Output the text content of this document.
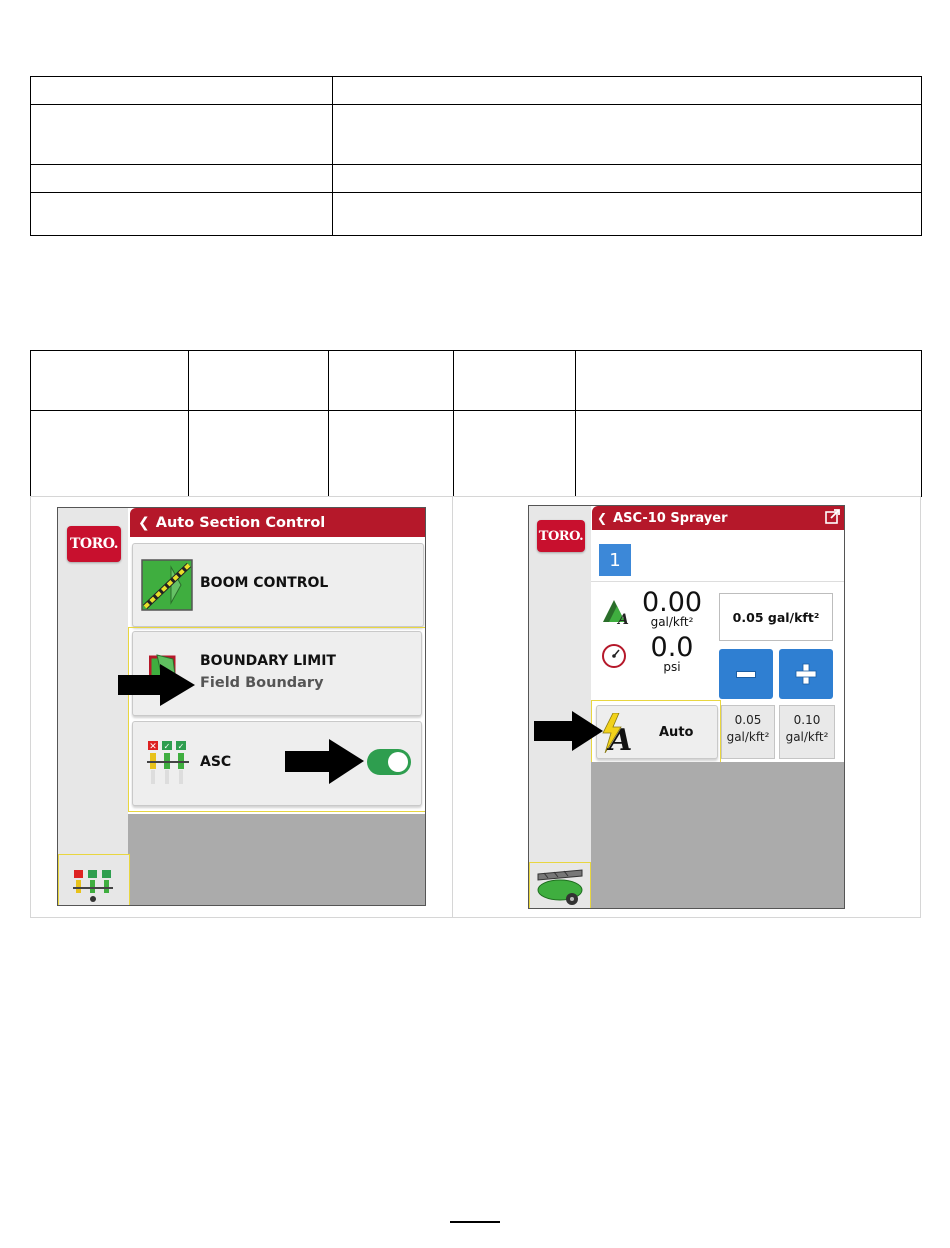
TORO.
❮ Auto Section Control
BOOM CONTROL
BOUNDARY LIMIT
Field Boundary
✕ ✓ ✓
ASC
TORO.
❮ ASC-10 Sprayer
1
A
0.00
gal/kft²
0.0
psi
0.05 gal/kft²
A Auto
0.05
gal/kft²
0.10
gal/kft²
